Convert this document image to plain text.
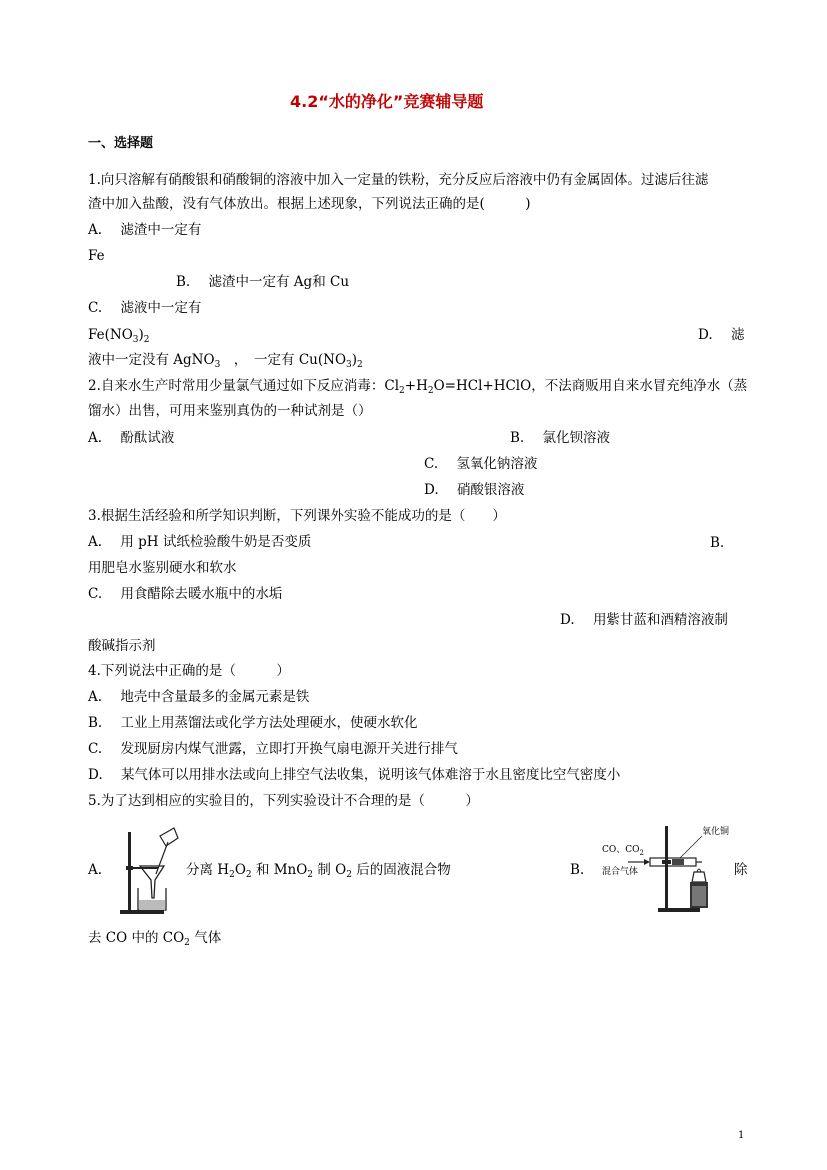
4.2“水的净化”竞赛辅导题
一、选择题
1.向只溶解有硝酸银和硝酸铜的溶液中加入一定量的铁粉，充分反应后溶液中仍有金属固体。过滤后往滤
渣中加入盐酸，没有气体放出。根据上述现象，下列说法正确的是(　　　)
A. 滤渣中一定有
Fe
B. 滤渣中一定有 Ag和 Cu
C. 滤液中一定有
$Fe(NO_3)_2$	D. 滤
液中一定没有 AgNO$_3$　，　一定有 $Cu(NO_3)_2$
2.自来水生产时常用少量氯气通过如下反应消毒：$Cl_2+H_2O=HCl+HClO$，不法商贩用自来水冒充纯净水（蒸
馏水）出售，可用来鉴别真伪的一种试剂是（）
A. 酚酞试液	B. 氯化钡溶液
C. 氢氧化钠溶液
D. 硝酸银溶液
3.根据生活经验和所学知识判断，下列课外实验不能成功的是（　　）
A. 用 pH 试纸检验酸牛奶是否变质	B.
用肥皂水鉴别硬水和软水
C. 用食醋除去暖水瓶中的水垢
D. 用紫甘蓝和酒精溶液制
酸碱指示剂
4.下列说法中正确的是（　　　）
A. 地壳中含量最多的金属元素是铁
B. 工业上用蒸馏法或化学方法处理硬水，使硬水软化
C. 发现厨房内煤气泄露，立即打开换气扇电源开关进行排气
D. 某气体可以用排水法或向上排空气法收集，说明该气体难溶于水且密度比空气密度小
5.为了达到相应的实验目的，下列实验设计不合理的是（　　　）
A.	分离 $H_2O_2$ 和 MnO$_2$ 制 $O_2$ 后的固液混合物	B.
CO、$CO_2$
混合气体
氧化铜
除
去 CO 中的 $CO_2$ 气体
1
